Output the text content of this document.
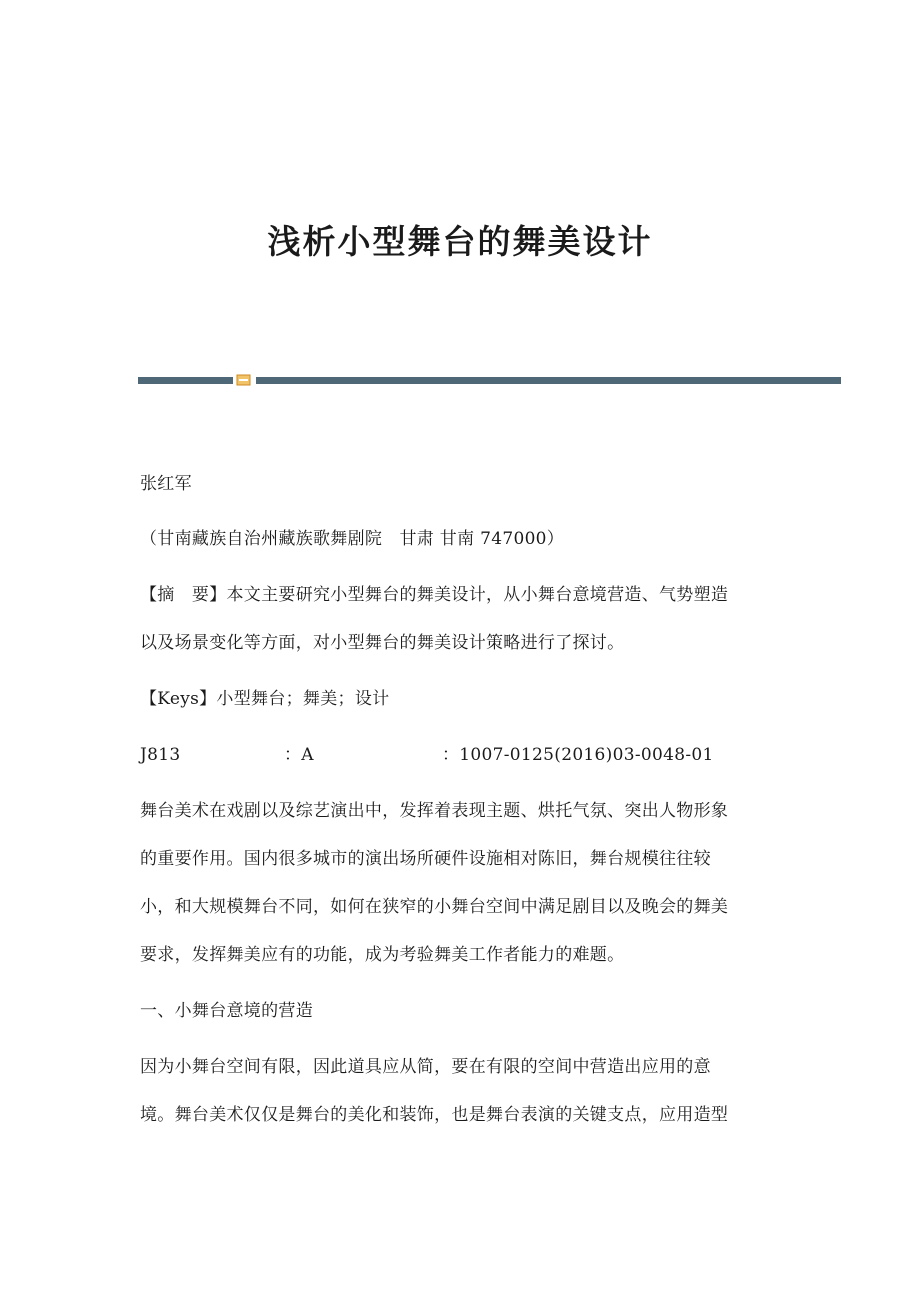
浅析小型舞台的舞美设计
张红军
（甘南藏族自治州藏族歌舞剧院　甘肃 甘南 747000）
【摘　要】本文主要研究小型舞台的舞美设计，从小舞台意境营造、气势塑造
以及场景变化等方面，对小型舞台的舞美设计策略进行了探讨。
【Keys】小型舞台；舞美；设计
J813	：A	：1007-0125(2016)03-0048-01
舞台美术在戏剧以及综艺演出中，发挥着表现主题、烘托气氛、突出人物形象
的重要作用。国内很多城市的演出场所硬件设施相对陈旧，舞台规模往往较
小，和大规模舞台不同，如何在狭窄的小舞台空间中满足剧目以及晚会的舞美
要求，发挥舞美应有的功能，成为考验舞美工作者能力的难题。
一、小舞台意境的营造
因为小舞台空间有限，因此道具应从简，要在有限的空间中营造出应用的意
境。舞台美术仅仅是舞台的美化和装饰，也是舞台表演的关键支点，应用造型
